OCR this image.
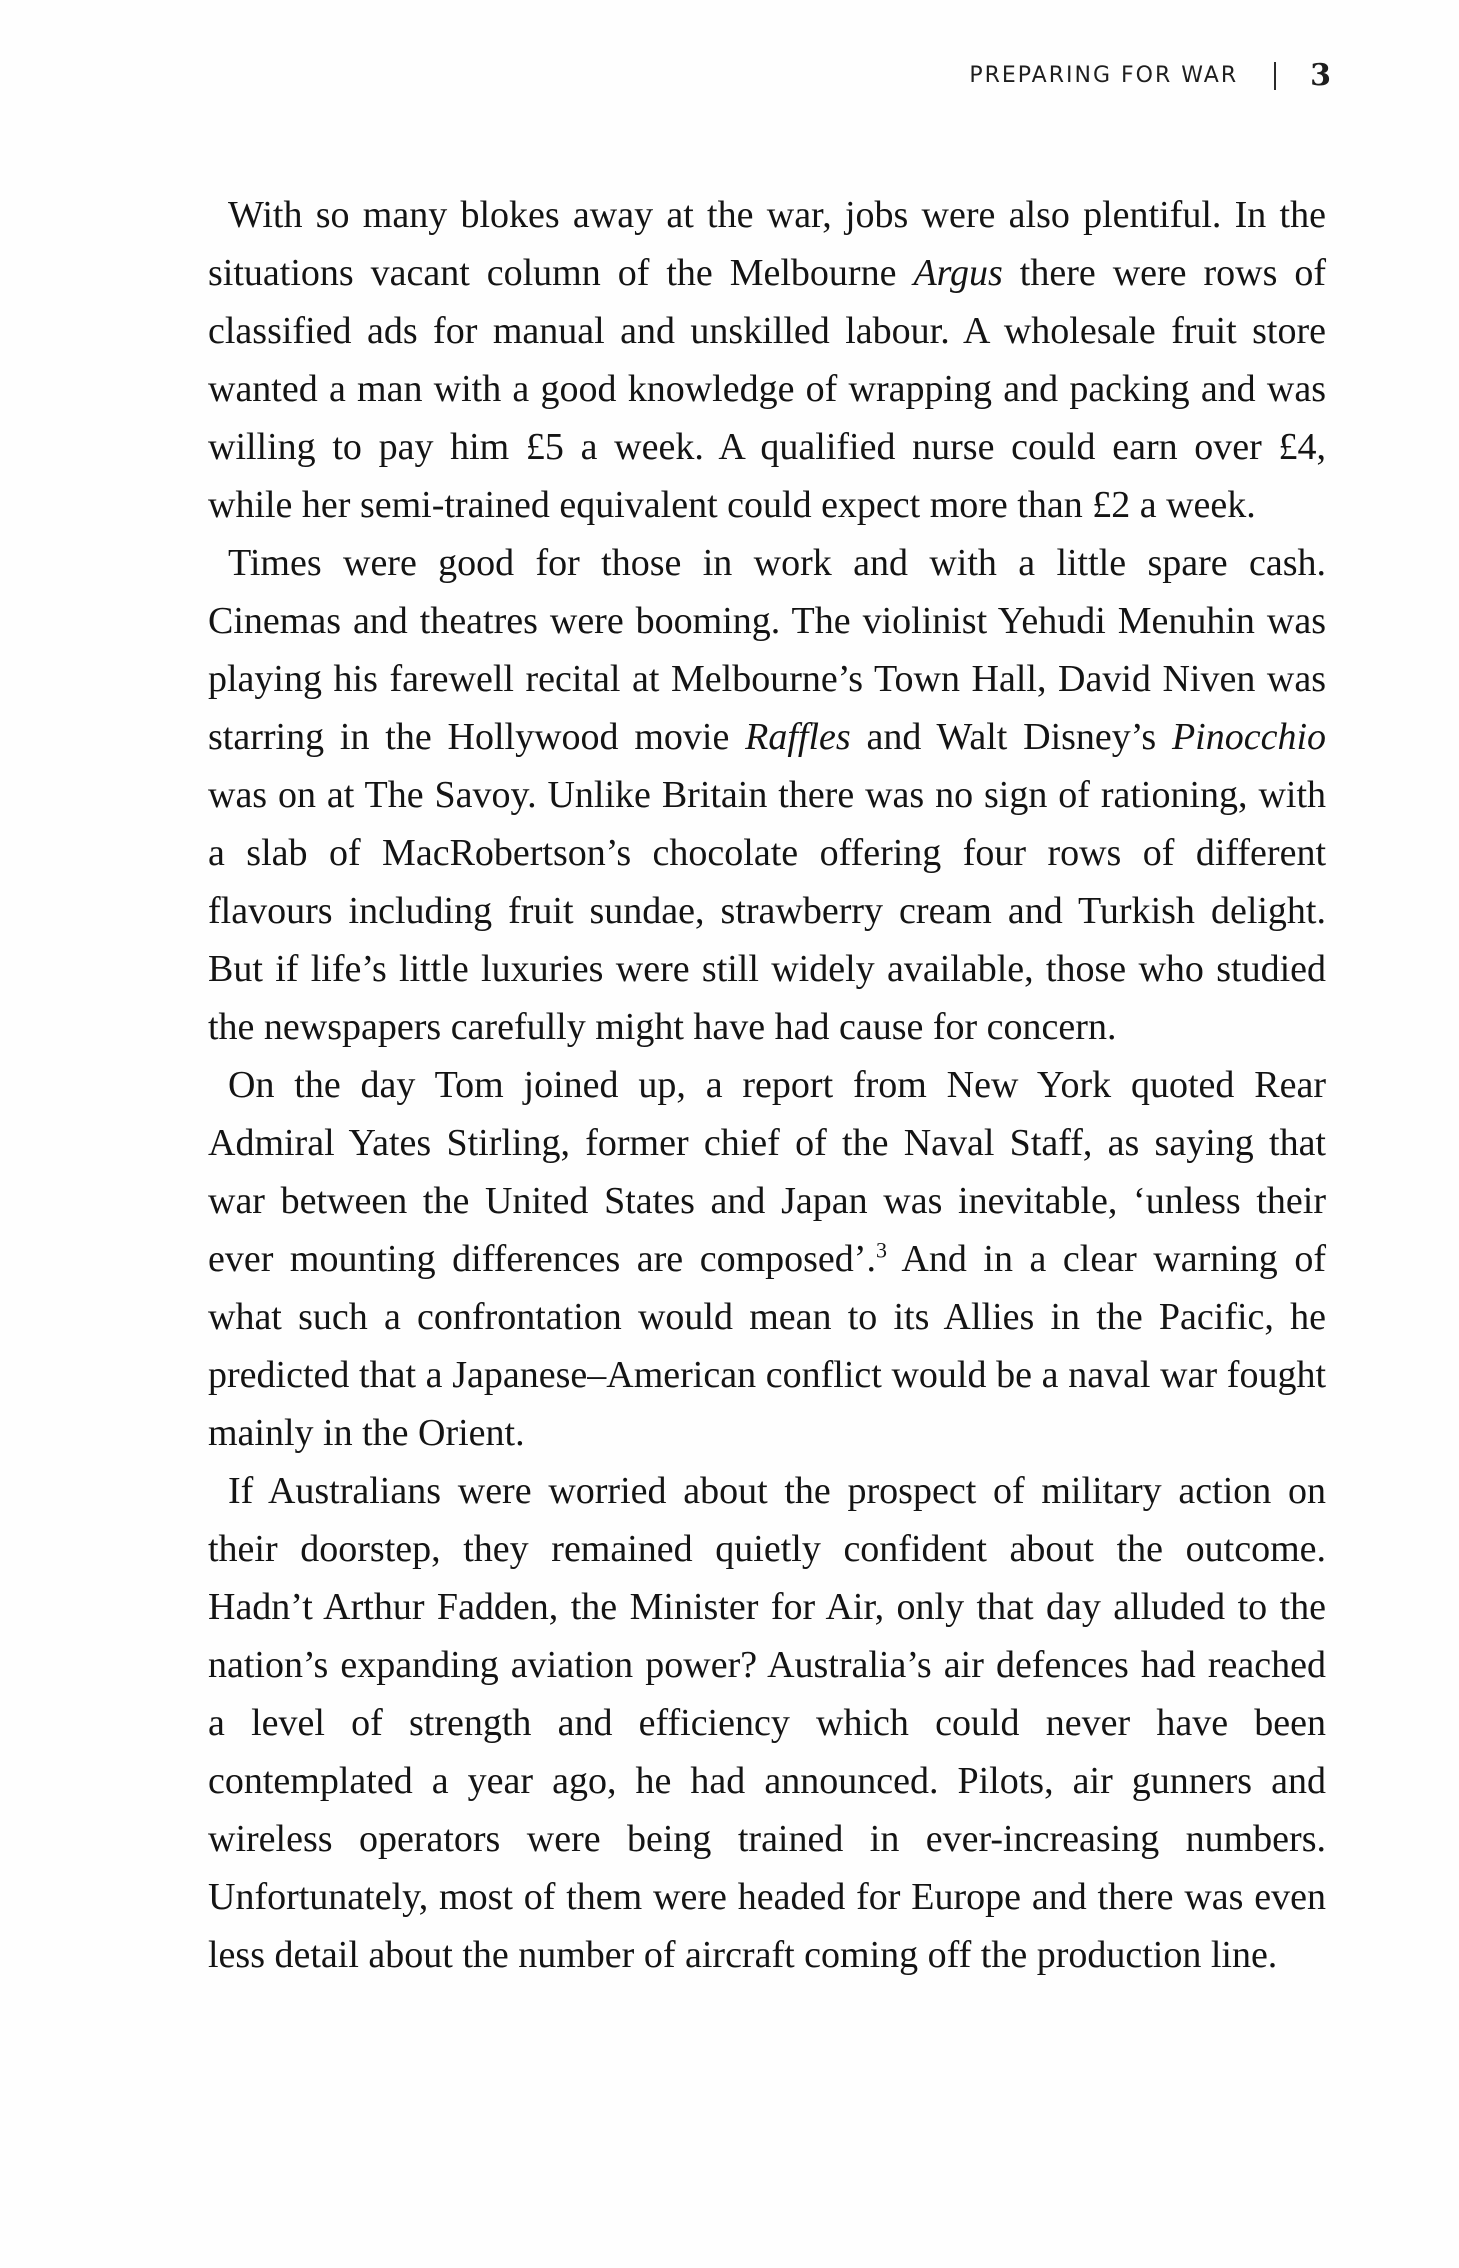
PREPARING FOR WAR 3

With so many blokes away at the war, jobs were also plentiful. In the situations vacant column of the Melbourne Argus there were rows of classified ads for manual and unskilled labour. A wholesale fruit store wanted a man with a good knowledge of wrapping and packing and was willing to pay him £5 a week. A qualified nurse could earn over £4, while her semi-trained equivalent could expect more than £2 a week.

Times were good for those in work and with a little spare cash. Cinemas and theatres were booming. The violinist Yehudi Menuhin was playing his farewell recital at Melbourne’s Town Hall, David Niven was starring in the Hollywood movie Raffles and Walt Disney’s Pinocchio was on at The Savoy. Unlike Britain there was no sign of rationing, with a slab of MacRobertson’s chocolate offering four rows of different flavours including fruit sundae, strawberry cream and Turkish delight. But if life’s little luxuries were still widely available, those who studied the newspapers carefully might have had cause for concern.

On the day Tom joined up, a report from New York quoted Rear Admiral Yates Stirling, former chief of the Naval Staff, as saying that war between the United States and Japan was inevitable, ‘unless their ever mounting differences are composed’.$^3$ And in a clear warning of what such a confrontation would mean to its Allies in the Pacific, he predicted that a Japanese–American conflict would be a naval war fought mainly in the Orient.

If Australians were worried about the prospect of military action on their doorstep, they remained quietly confident about the outcome. Hadn’t Arthur Fadden, the Minister for Air, only that day alluded to the nation’s expanding aviation power? Australia’s air defences had reached a level of strength and efficiency which could never have been contemplated a year ago, he had announced. Pilots, air gunners and wireless operators were being trained in ever-increasing numbers. Unfortunately, most of them were headed for Europe and there was even less detail about the number of aircraft coming off the production line.
